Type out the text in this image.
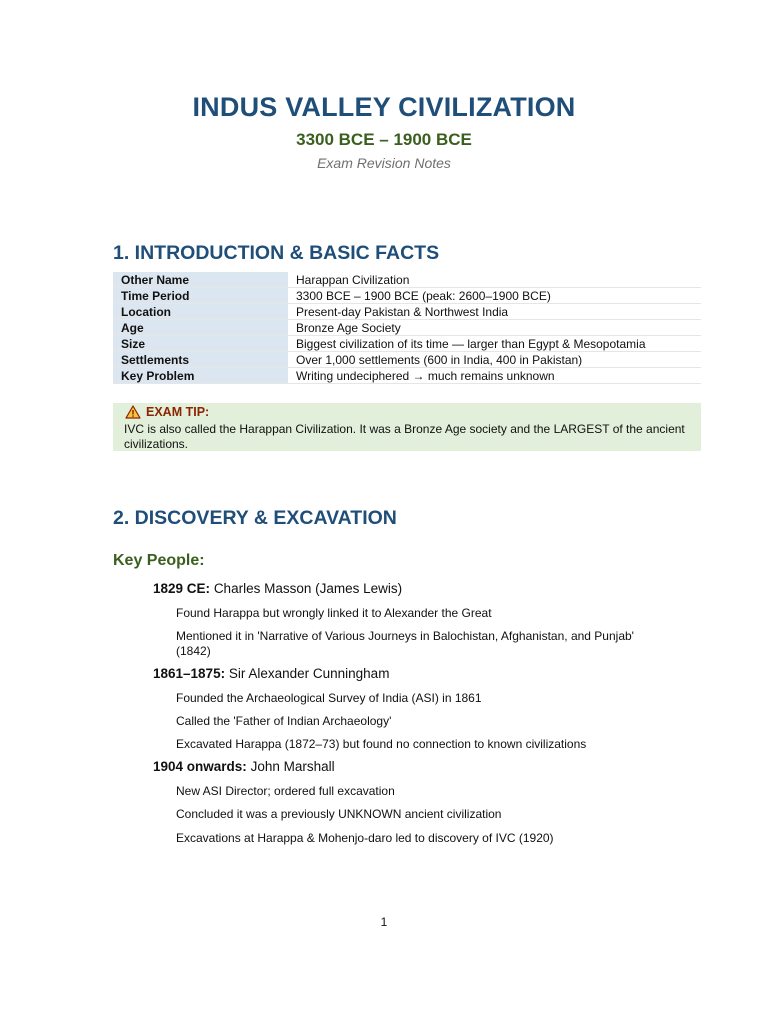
INDUS VALLEY CIVILIZATION
3300 BCE – 1900 BCE
Exam Revision Notes
1. INTRODUCTION & BASIC FACTS
Other Name	Harappan Civilization
Time Period	3300 BCE – 1900 BCE (peak: 2600–1900 BCE)
Location	Present-day Pakistan & Northwest India
Age	Bronze Age Society
Size	Biggest civilization of its time — larger than Egypt & Mesopotamia
Settlements	Over 1,000 settlements (600 in India, 400 in Pakistan)
Key Problem	Writing undeciphered → much remains unknown
EXAM TIP:
IVC is also called the Harappan Civilization. It was a Bronze Age society and the LARGEST of the ancient civilizations.
2. DISCOVERY & EXCAVATION
Key People:
1829 CE: Charles Masson (James Lewis)
Found Harappa but wrongly linked it to Alexander the Great
Mentioned it in 'Narrative of Various Journeys in Balochistan, Afghanistan, and Punjab' (1842)
1861–1875: Sir Alexander Cunningham
Founded the Archaeological Survey of India (ASI) in 1861
Called the 'Father of Indian Archaeology'
Excavated Harappa (1872–73) but found no connection to known civilizations
1904 onwards: John Marshall
New ASI Director; ordered full excavation
Concluded it was a previously UNKNOWN ancient civilization
Excavations at Harappa & Mohenjo-daro led to discovery of IVC (1920)
1
